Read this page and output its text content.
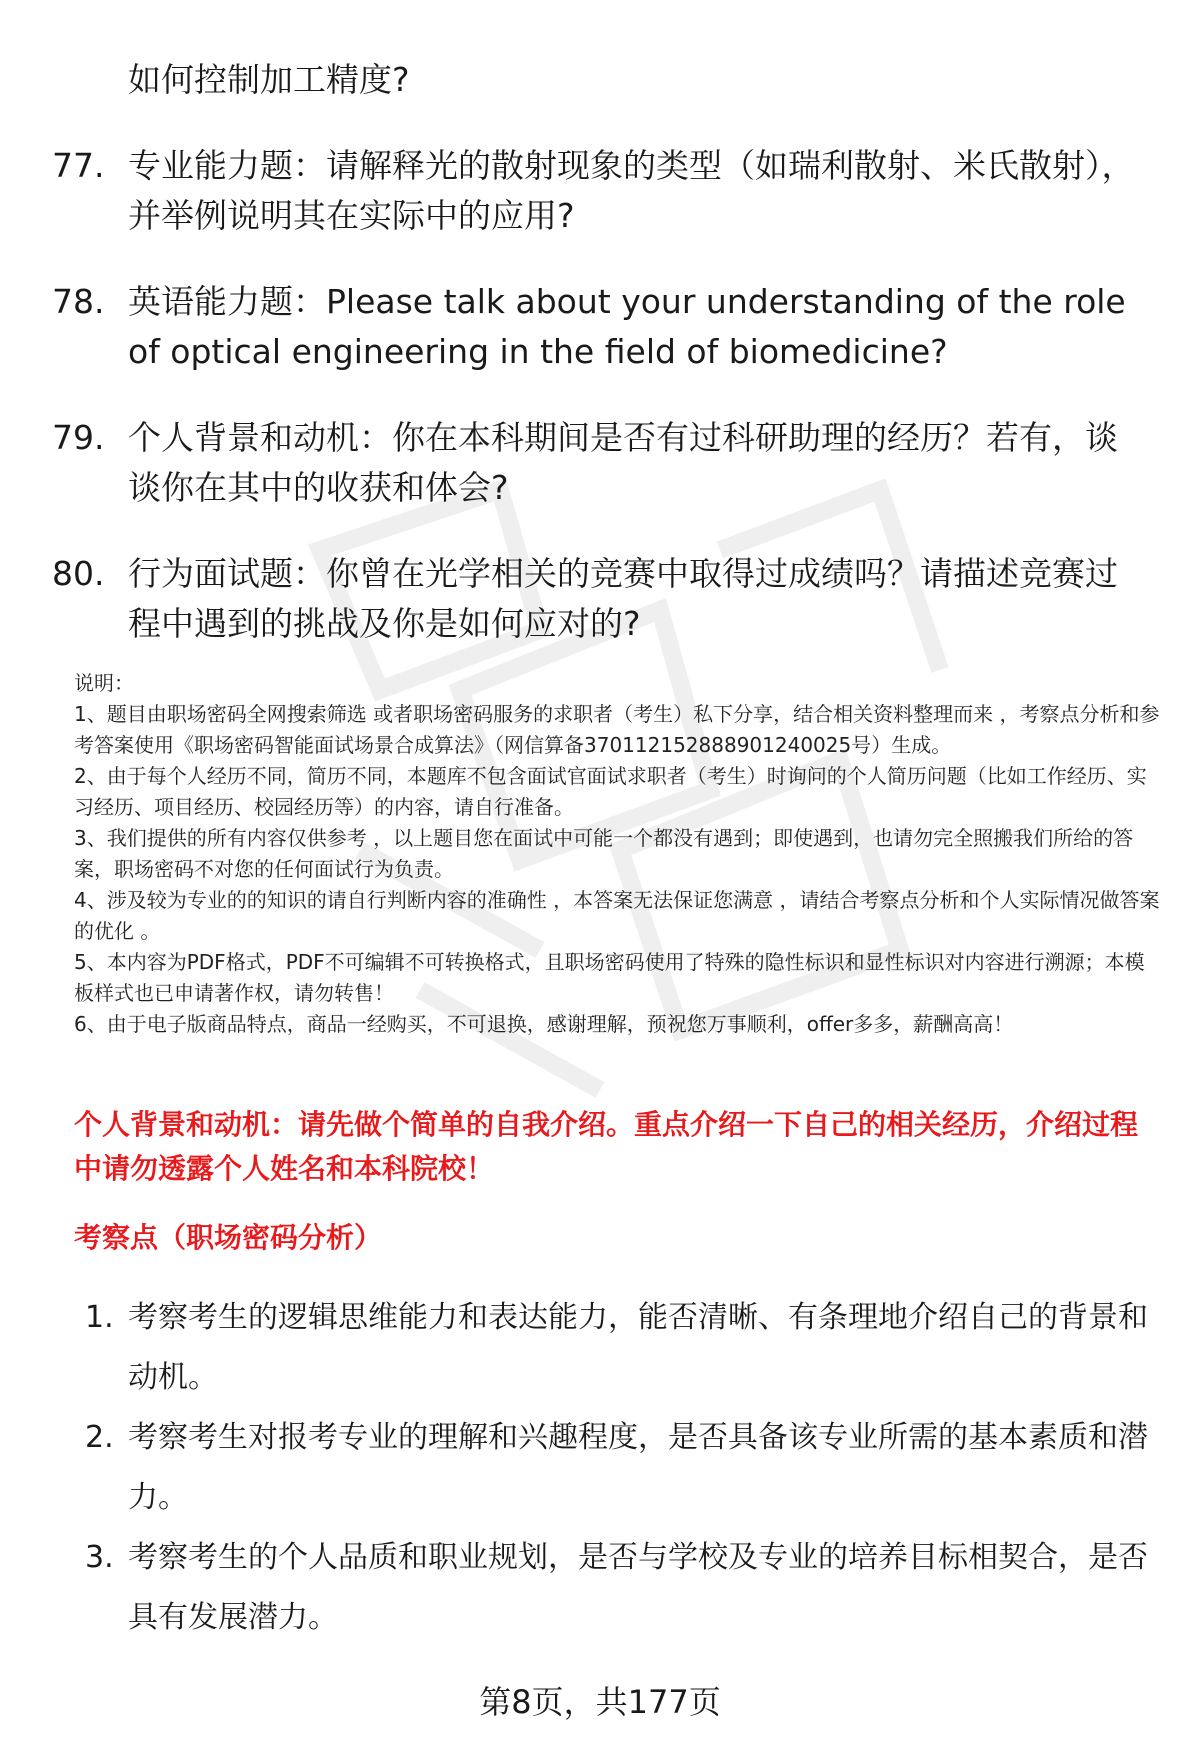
如何控制加工精度?
77. 专业能力题：请解释光的散射现象的类型（如瑞利散射、米氏散射），并举例说明其在实际中的应用?
78. 英语能力题：Please talk about your understanding of the role of optical engineering in the field of biomedicine?
79. 个人背景和动机：你在本科期间是否有过科研助理的经历？若有，谈谈你在其中的收获和体会?
80. 行为面试题：你曾在光学相关的竞赛中取得过成绩吗？请描述竞赛过程中遇到的挑战及你是如何应对的?

说明：

1、题目由职场密码全网搜索筛选 或者职场密码服务的求职者（考生）私下分享，结合相关资料整理而来 ，考察点分析和参考答案使用《职场密码智能面试场景合成算法》（网信算备370112152888901240025号）生成。

2、由于每个人经历不同，简历不同，本题库不包含面试官面试求职者（考生）时询问的个人简历问题（比如工作经历、实习经历、项目经历、校园经历等）的内容，请自行准备。

3、我们提供的所有内容仅供参考 ，以上题目您在面试中可能一个都没有遇到；即使遇到，也请勿完全照搬我们所给的答案，职场密码不对您的任何面试行为负责。

4、涉及较为专业的的知识的请自行判断内容的准确性 ，本答案无法保证您满意 ，请结合考察点分析和个人实际情况做答案的优化 。

5、本内容为PDF格式，PDF不可编辑不可转换格式，且职场密码使用了特殊的隐性标识和显性标识对内容进行溯源；本模板样式也已申请著作权，请勿转售！

6、由于电子版商品特点，商品一经购买，不可退换，感谢理解，预祝您万事顺利，offer多多，薪酬高高！

个人背景和动机：请先做个简单的自我介绍。重点介绍一下自己的相关经历，介绍过程中请勿透露个人姓名和本科院校！
考察点（职场密码分析）
1. 考察考生的逻辑思维能力和表达能力，能否清晰、有条理地介绍自己的背景和动机。
2. 考察考生对报考专业的理解和兴趣程度，是否具备该专业所需的基本素质和潜力。
3. 考察考生的个人品质和职业规划，是否与学校及专业的培养目标相契合，是否具有发展潜力。
第8页，共177页
